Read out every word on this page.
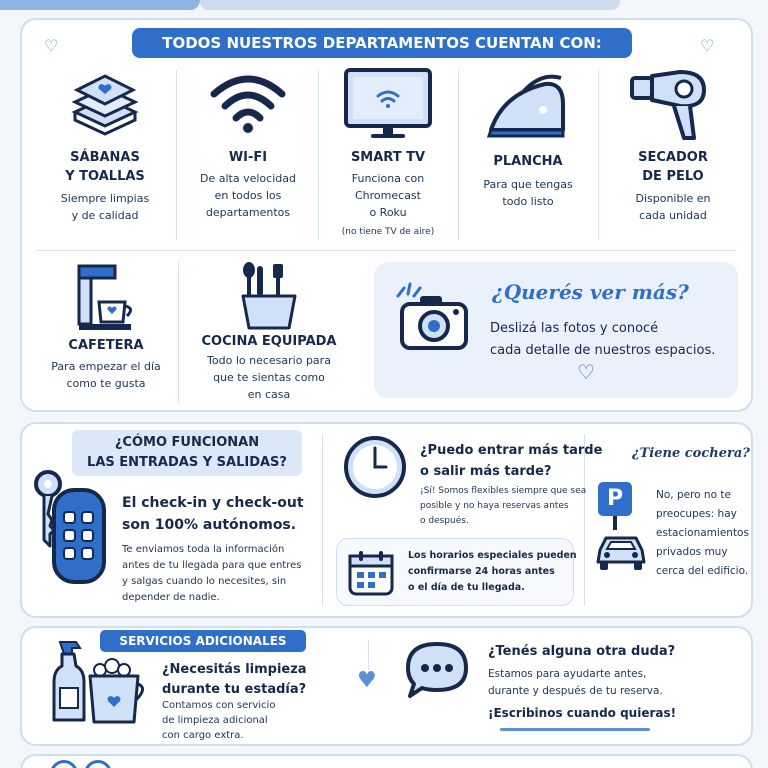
♡	♡
TODOS NUESTROS DEPARTAMENTOS CUENTAN CON:
SÁBANAS
Y TOALLAS
Siempre limpias
y de calidad
WI-FI
De alta velocidad
en todos los
departamentos
SMART TV
Funciona con
Chromecast
o Roku
(no tiene TV de aire)
PLANCHA
Para que tengas
todo listo
SECADOR
DE PELO
Disponible en
cada unidad
CAFETERA
Para empezar el día
como te gusta
COCINA EQUIPADA
Todo lo necesario para
que te sientas como
en casa
¿Querés ver más?
Deslizá las fotos y conocé
cada detalle de nuestros espacios.
♡
¿CÓMO FUNCIONAN
LAS ENTRADAS Y SALIDAS?
El check-in y check-out
son 100% autónomos.
Te enviamos toda la información
antes de tu llegada para que entres
y salgas cuando lo necesites, sin
depender de nadie.
¿Puedo entrar más tarde
o salir más tarde?
¡Sí! Somos flexibles siempre que sea
posible y no haya reservas antes
o después.
Los horarios especiales pueden
confirmarse 24 horas antes
o el día de tu llegada.
¿Tiene cochera?
P	No, pero no te
preocupes: hay
estacionamientos
privados muy
cerca del edificio.
SERVICIOS ADICIONALES
¿Necesitás limpieza
durante tu estadía?
Contamos con servicio
de limpieza adicional
con cargo extra.
♥
¿Tenés alguna otra duda?
Estamos para ayudarte antes,
durante y después de tu reserva.
¡Escribinos cuando quieras!
